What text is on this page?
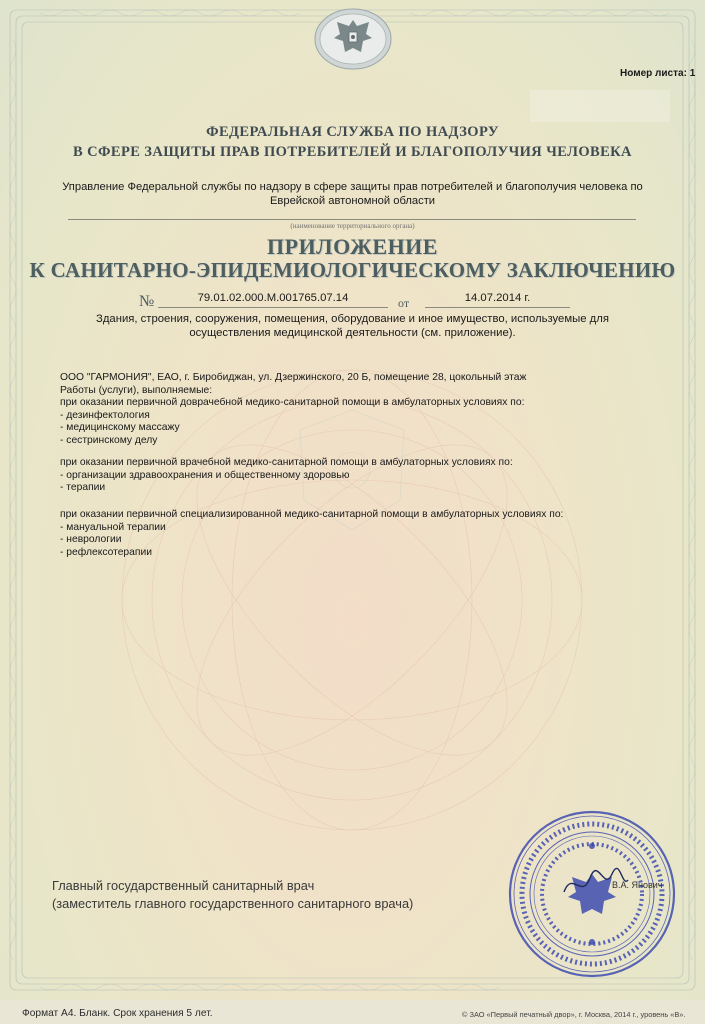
Номер листа: 1
ФЕДЕРАЛЬНАЯ СЛУЖБА ПО НАДЗОРУ
В СФЕРЕ ЗАЩИТЫ ПРАВ ПОТРЕБИТЕЛЕЙ И БЛАГОПОЛУЧИЯ ЧЕЛОВЕКА
Управление Федеральной службы по надзору в сфере защиты прав потребителей и благополучия человека по
Еврейской автономной области
(наименование территориального органа)
ПРИЛОЖЕНИЕ
К САНИТАРНО-ЭПИДЕМИОЛОГИЧЕСКОМУ ЗАКЛЮЧЕНИЮ
№	79.01.02.000.М.001765.07.14	от	14.07.2014 г.
Здания, строения, сооружения, помещения, оборудование и иное имущество, используемые для
осуществления медицинской деятельности (см. приложение).
ООО "ГАРМОНИЯ", ЕАО, г. Биробиджан, ул. Дзержинского, 20 Б, помещение 28, цокольный этаж
Работы (услуги), выполняемые:
при оказании первичной доврачебной медико-санитарной помощи в амбулаторных условиях по:
- дезинфектология
- медицинскому массажу
- сестринскому делу
при оказании первичной врачебной медико-санитарной помощи в амбулаторных условиях по:
- организации здравоохранения и общественному здоровью
- терапии
при оказании первичной специализированной медико-санитарной помощи в амбулаторных условиях по:
- мануальной терапии
- неврологии
- рефлексотерапии
Главный государственный санитарный врач
(заместитель главного государственного санитарного врача)
В.А. Янович
Формат А4. Бланк. Срок хранения 5 лет.	© ЗАО «Первый печатный двор», г. Москва, 2014 г., уровень «В».
